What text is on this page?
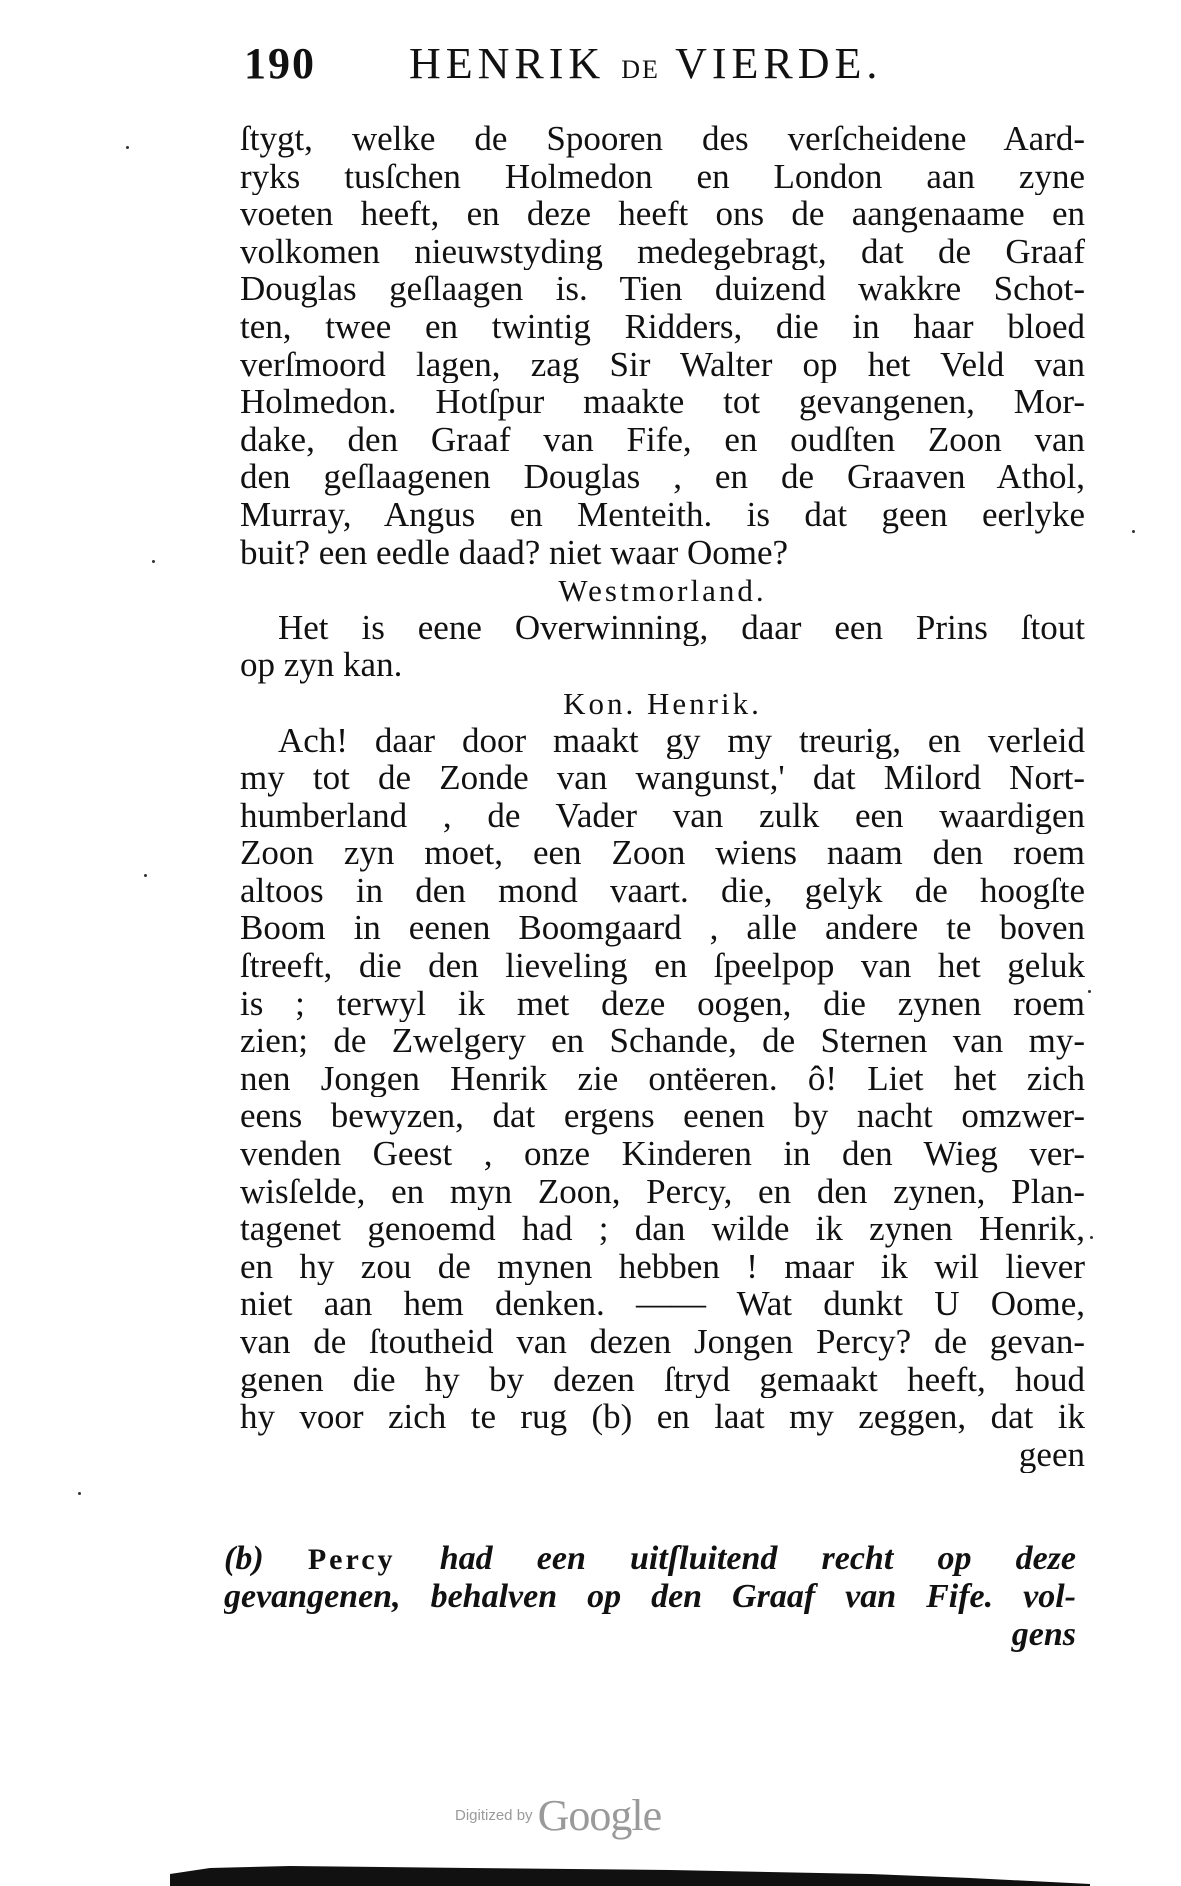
190 HENRIK DE VIERDE.
ſtygt, welke de Spooren des verſcheidene Aard-
ryks tusſchen Holmedon en London aan zyne
voeten heeft, en deze heeft ons de aangenaame en
volkomen nieuwstyding medegebragt, dat de Graaf
Douglas geſlaagen is. Tien duizend wakkre Schot-
ten, twee en twintig Ridders, die in haar bloed
verſmoord lagen, zag Sir Walter op het Veld van
Holmedon. Hotſpur maakte tot gevangenen, Mor-
dake, den Graaf van Fife, en oudſten Zoon van
den geſlaagenen Douglas , en de Graaven Athol,
Murray, Angus en Menteith. is dat geen eerlyke
buit? een eedle daad? niet waar Oome?
Westmorland.
Het is eene Overwinning, daar een Prins ſtout
op zyn kan.
Kon. Henrik.
Ach! daar door maakt gy my treurig, en verleid
my tot de Zonde van wangunst,' dat Milord Nort-
humberland , de Vader van zulk een waardigen
Zoon zyn moet, een Zoon wiens naam den roem
altoos in den mond vaart. die, gelyk de hoogſte
Boom in eenen Boomgaard , alle andere te boven
ſtreeft, die den lieveling en ſpeelpop van het geluk
is ; terwyl ik met deze oogen, die zynen roem
zien; de Zwelgery en Schande, de Sternen van my-
nen Jongen Henrik zie ontëeren. ô! Liet het zich
eens bewyzen, dat ergens eenen by nacht omzwer-
venden Geest , onze Kinderen in den Wieg ver-
wisſelde, en myn Zoon, Percy, en den zynen, Plan-
tagenet genoemd had ; dan wilde ik zynen Henrik,
en hy zou de mynen hebben ! maar ik wil liever
niet aan hem denken. —— Wat dunkt U Oome,
van de ſtoutheid van dezen Jongen Percy? de gevan-
genen die hy by dezen ſtryd gemaakt heeft, houd
hy voor zich te rug (b) en laat my zeggen, dat ik
geen
(b) Percy had een uitſluitend recht op deze
gevangenen, behalven op den Graaf van Fife. vol-
gens
Digitized by Google
